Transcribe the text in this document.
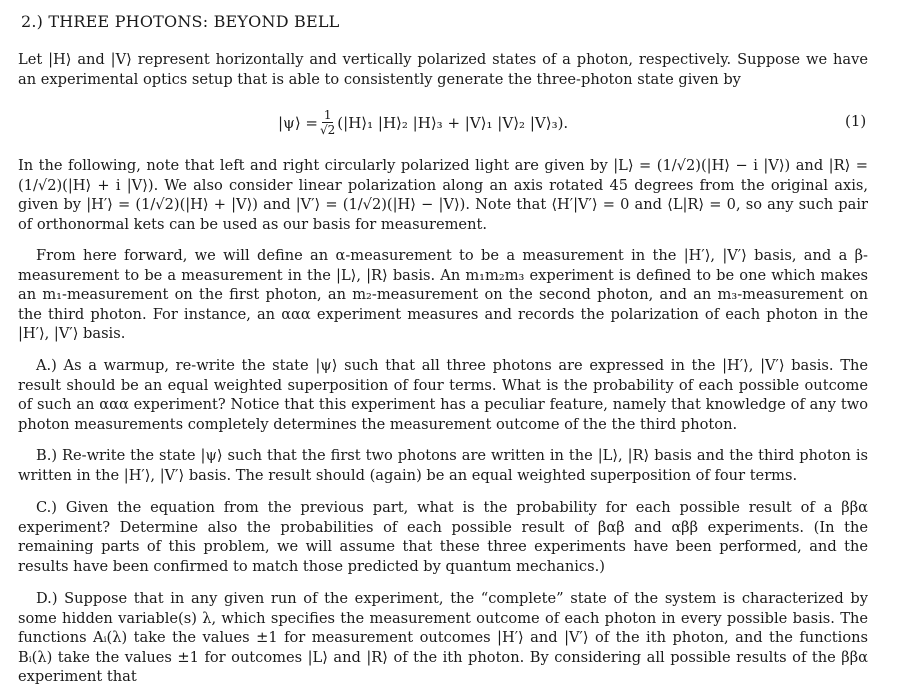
2.) THREE PHOTONS: BEYOND BELL

Let |H⟩ and |V⟩ represent horizontally and vertically polarized states of a photon, respectively. Suppose we have an experimental optics setup that is able to consistently generate the three-photon state given by

|ψ⟩ = $\frac{1}{√2}$ (|H⟩₁ |H⟩₂ |H⟩₃ + |V⟩₁ |V⟩₂ |V⟩₃).	(1)

In the following, note that left and right circularly polarized light are given by |L⟩ = (1/√2)(|H⟩ − i |V⟩) and |R⟩ = (1/√2)(|H⟩ + i |V⟩). We also consider linear polarization along an axis rotated 45 degrees from the original axis, given by |H′⟩ = (1/√2)(|H⟩ + |V⟩) and |V′⟩ = (1/√2)(|H⟩ − |V⟩). Note that ⟨H′|V′⟩ = 0 and ⟨L|R⟩ = 0, so any such pair of orthonormal kets can be used as our basis for measurement.

From here forward, we will define an α-measurement to be a measurement in the |H′⟩, |V′⟩ basis, and a β-measurement to be a measurement in the |L⟩, |R⟩ basis. An m₁m₂m₃ experiment is defined to be one which makes an m₁-measurement on the first photon, an m₂-measurement on the second photon, and an m₃-measurement on the third photon. For instance, an ααα experiment measures and records the polarization of each photon in the |H′⟩, |V′⟩ basis.

A.) As a warmup, re-write the state |ψ⟩ such that all three photons are expressed in the |H′⟩, |V′⟩ basis. The result should be an equal weighted superposition of four terms. What is the probability of each possible outcome of such an ααα experiment? Notice that this experiment has a peculiar feature, namely that knowledge of any two photon measurements completely determines the measurement outcome of the the third photon.

B.) Re-write the state |ψ⟩ such that the first two photons are written in the |L⟩, |R⟩ basis and the third photon is written in the |H′⟩, |V′⟩ basis. The result should (again) be an equal weighted superposition of four terms.

C.) Given the equation from the previous part, what is the probability for each possible result of a ββα experiment? Determine also the probabilities of each possible result of βαβ and αββ experiments. (In the remaining parts of this problem, we will assume that these three experiments have been performed, and the results have been confirmed to match those predicted by quantum mechanics.)

D.) Suppose that in any given run of the experiment, the “complete” state of the system is characterized by some hidden variable(s) λ, which specifies the measurement outcome of each photon in every possible basis. The functions Aᵢ(λ) take the values ±1 for measurement outcomes |H′⟩ and |V′⟩ of the ith photon, and the functions Bᵢ(λ) take the values ±1 for outcomes |L⟩ and |R⟩ of the ith photon. By considering all possible results of the ββα experiment that
